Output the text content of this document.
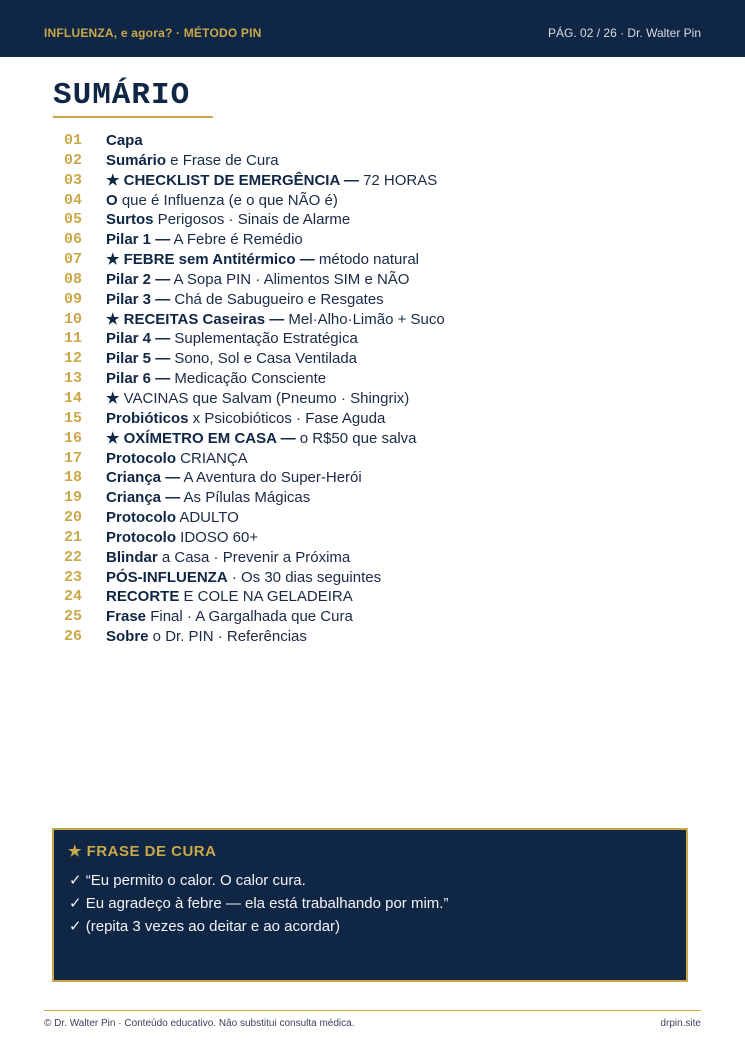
INFLUENZA, e agora? · MÉTODO PIN	PÁG. 02 / 26 · Dr. Walter Pin
SUMÁRIO
01	Capa
02	Sumário e Frase de Cura
03	★ CHECKLIST DE EMERGÊNCIA — 72 HORAS
04	O que é Influenza (e o que NÃO é)
05	Surtos Perigosos · Sinais de Alarme
06	Pilar 1 — A Febre é Remédio
07	★ FEBRE sem Antitérmico — método natural
08	Pilar 2 — A Sopa PIN · Alimentos SIM e NÃO
09	Pilar 3 — Chá de Sabugueiro e Resgates
10	★ RECEITAS Caseiras — Mel·Alho·Limão + Suco
11	Pilar 4 — Suplementação Estratégica
12	Pilar 5 — Sono, Sol e Casa Ventilada
13	Pilar 6 — Medicação Consciente
14	★ VACINAS que Salvam (Pneumo · Shingrix)
15	Probióticos x Psicobióticos · Fase Aguda
16	★ OXÍMETRO EM CASA — o R$50 que salva
17	Protocolo CRIANÇA
18	Criança — A Aventura do Super-Herói
19	Criança — As Pílulas Mágicas
20	Protocolo ADULTO
21	Protocolo IDOSO 60+
22	Blindar a Casa · Prevenir a Próxima
23	PÓS-INFLUENZA · Os 30 dias seguintes
24	RECORTE E COLE NA GELADEIRA
25	Frase Final · A Gargalhada que Cura
26	Sobre o Dr. PIN · Referências
★ FRASE DE CURA
✓ “Eu permito o calor. O calor cura.
✓ Eu agradeço à febre — ela está trabalhando por mim.”
✓ (repita 3 vezes ao deitar e ao acordar)
© Dr. Walter Pin · Conteúdo educativo. Não substitui consulta médica.	drpin.site
